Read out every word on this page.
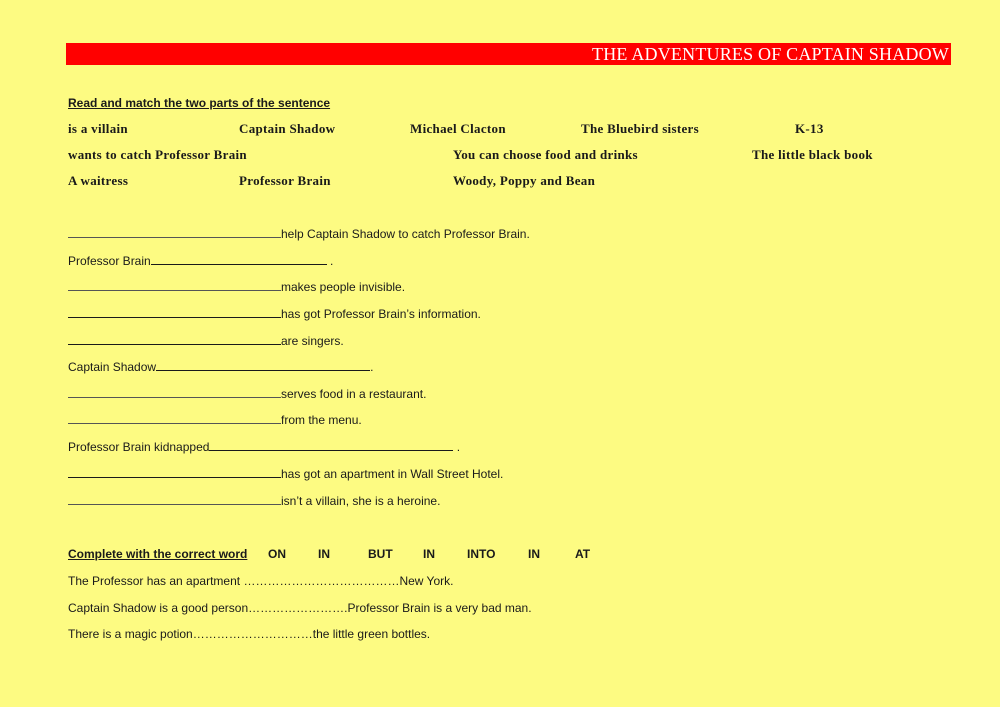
THE ADVENTURES OF CAPTAIN SHADOW
Read and match the two parts of the sentence
is a villain	Captain Shadow	Michael Clacton	The Bluebird sisters	K-13
wants to catch Professor Brain	You can choose food and drinks	The little black book
A waitress	Professor Brain	Woody, Poppy and Bean
help Captain Shadow to catch Professor Brain.
Professor Brain	.
makes people invisible.
has got Professor Brain’s information.
are singers.
Captain Shadow	.
serves food in a restaurant.
from the menu.
Professor Brain kidnapped	.
has got an apartment in Wall Street Hotel.
isn’t a villain, she is a heroine.
Complete with the correct word ON	IN	BUT	IN	INTO	IN	AT
The Professor has an apartment …………………………………New York.
Captain Shadow is a good person…………………….Professor Brain is a very bad man.
There is a magic potion…………………………the little green bottles.
